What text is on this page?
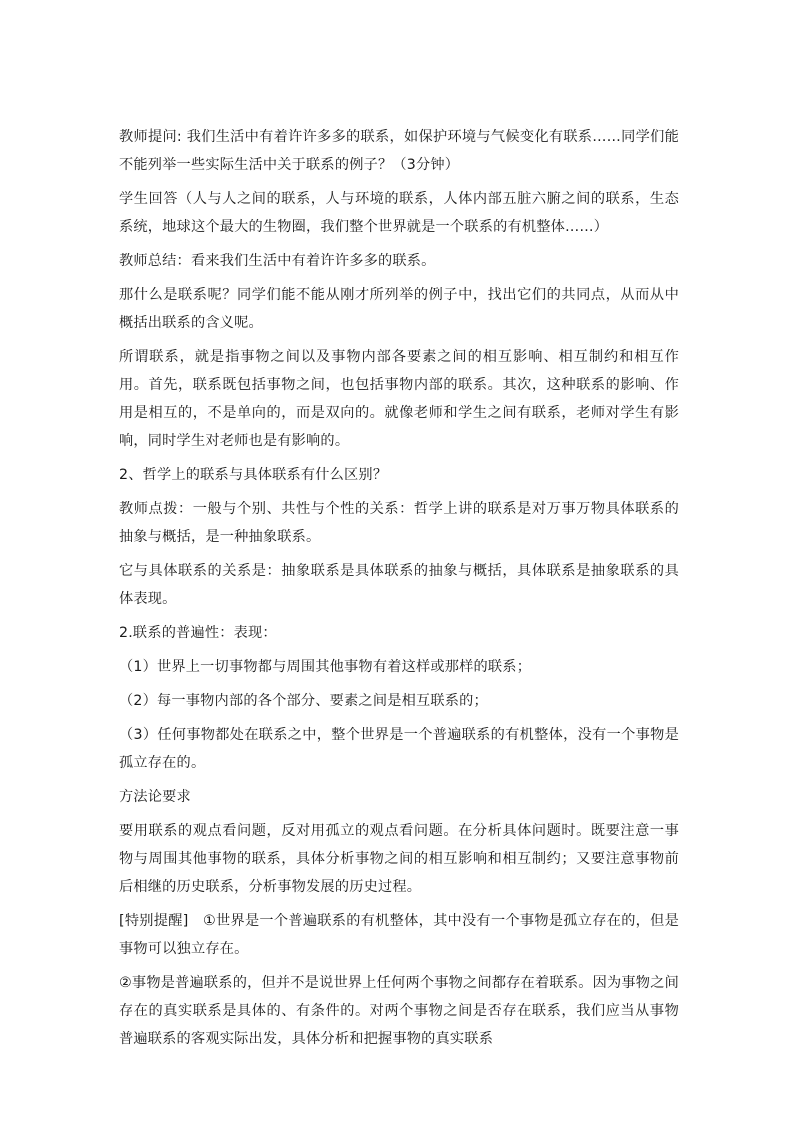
教师提问: 我们生活中有着许许多多的联系，如保护环境与气候变化有联系……同学们能不能列举一些实际生活中关于联系的例子？（3分钟）

学生回答（人与人之间的联系，人与环境的联系，人体内部五脏六腑之间的联系，生态系统，地球这个最大的生物圈，我们整个世界就是一个联系的有机整体……）

教师总结：看来我们生活中有着许许多多的联系。

那什么是联系呢？同学们能不能从刚才所列举的例子中，找出它们的共同点，从而从中概括出联系的含义呢。

所谓联系，就是指事物之间以及事物内部各要素之间的相互影响、相互制约和相互作用。首先，联系既包括事物之间，也包括事物内部的联系。其次，这种联系的影响、作用是相互的，不是单向的，而是双向的。就像老师和学生之间有联系，老师对学生有影响，同时学生对老师也是有影响的。

2、哲学上的联系与具体联系有什么区别？

教师点拨：一般与个别、共性与个性的关系：哲学上讲的联系是对万事万物具体联系的抽象与概括，是一种抽象联系。

它与具体联系的关系是：抽象联系是具体联系的抽象与概括，具体联系是抽象联系的具体表现。

2.联系的普遍性：表现：

（1）世界上一切事物都与周围其他事物有着这样或那样的联系；

（2）每一事物内部的各个部分、要素之间是相互联系的；

（3）任何事物都处在联系之中，整个世界是一个普遍联系的有机整体，没有一个事物是孤立存在的。

方法论要求

要用联系的观点看问题，反对用孤立的观点看问题。在分析具体问题时。既要注意一事物与周围其他事物的联系，具体分析事物之间的相互影响和相互制约；又要注意事物前后相继的历史联系，分析事物发展的历史过程。

[特别提醒]　①世界是一个普遍联系的有机整体，其中没有一个事物是孤立存在的，但是事物可以独立存在。

②事物是普遍联系的，但并不是说世界上任何两个事物之间都存在着联系。因为事物之间存在的真实联系是具体的、有条件的。对两个事物之间是否存在联系，我们应当从事物普遍联系的客观实际出发，具体分析和把握事物的真实联系
